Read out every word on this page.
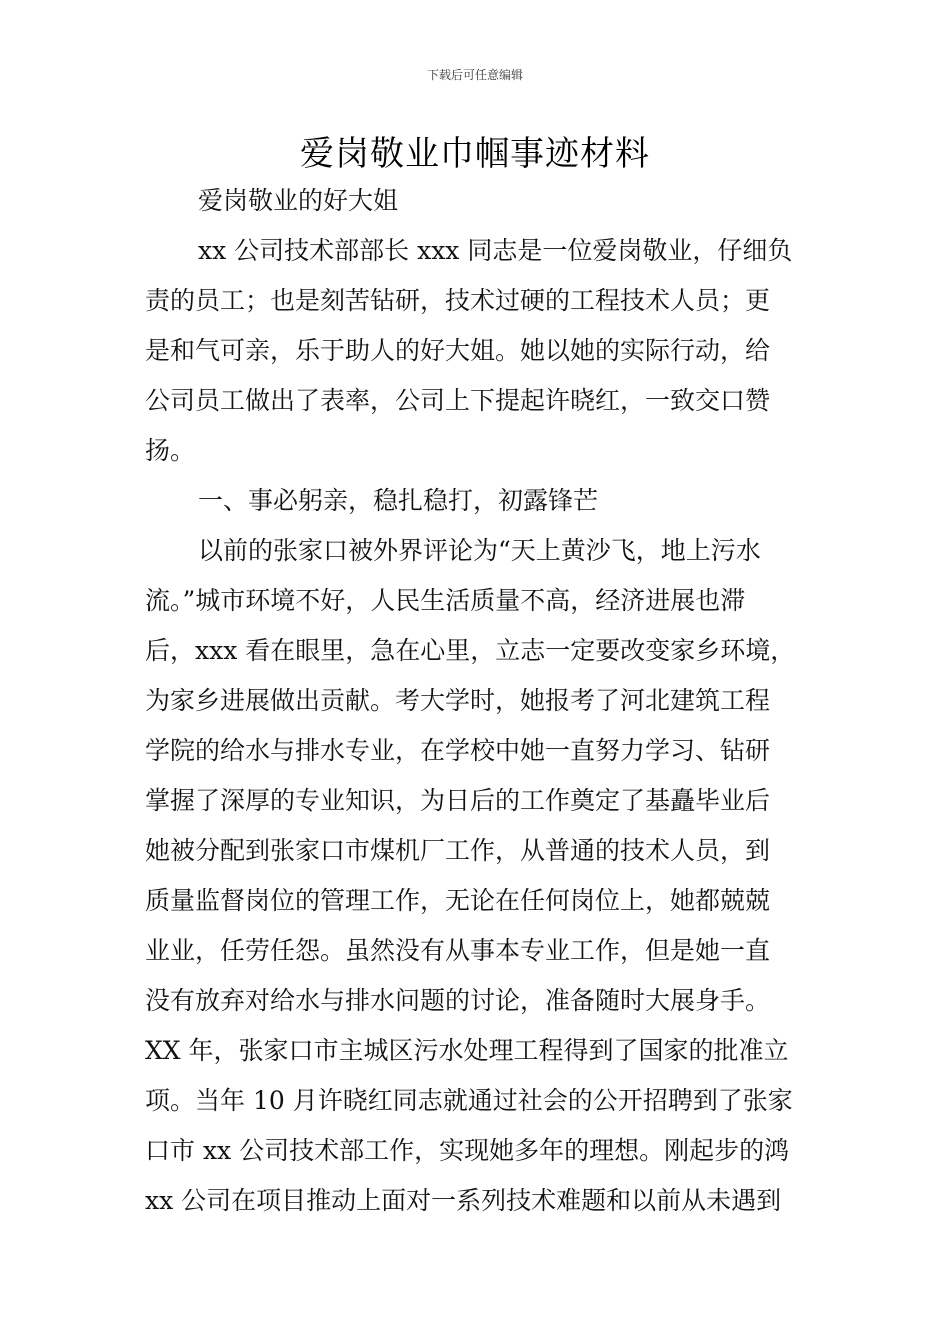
下载后可任意编辑
爱岗敬业巾帼事迹材料
爱岗敬业的好大姐
xx 公司技术部部长 xxx 同志是一位爱岗敬业，仔细负
责的员工；也是刻苦钻研，技术过硬的工程技术人员；更
是和气可亲，乐于助人的好大姐。她以她的实际行动，给
公司员工做出了表率，公司上下提起许晓红，一致交口赞
扬。
一、事必躬亲，稳扎稳打，初露锋芒
以前的张家口被外界评论为“天上黄沙飞，地上污水
流。”城市环境不好，人民生活质量不高，经济进展也滞
后，xxx 看在眼里，急在心里，立志一定要改变家乡环境，
为家乡进展做出贡献。考大学时，她报考了河北建筑工程
学院的给水与排水专业，在学校中她一直努力学习、钻研
掌握了深厚的专业知识，为日后的工作奠定了基矗毕业后
她被分配到张家口市煤机厂工作，从普通的技术人员，到
质量监督岗位的管理工作，无论在任何岗位上，她都兢兢
业业，任劳任怨。虽然没有从事本专业工作，但是她一直
没有放弃对给水与排水问题的讨论，准备随时大展身手。
XX 年，张家口市主城区污水处理工程得到了国家的批准立
项。当年 10 月许晓红同志就通过社会的公开招聘到了张家
口市 xx 公司技术部工作，实现她多年的理想。刚起步的鸿
xx 公司在项目推动上面对一系列技术难题和以前从未遇到
